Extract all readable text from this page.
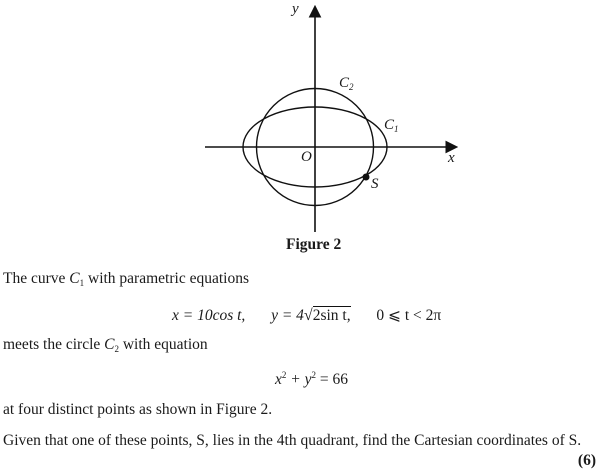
y
x
O
$C_2$
$C_1$
S
Figure 2
The curve $C_1$ with parametric equations
x = 10cos t, y = 4√2sin t, 0 ⩽ t < 2π
meets the circle $C_2$ with equation
$x^2 + y^2 = 66$
at four distinct points as shown in Figure 2.
Given that one of these points, S, lies in the 4th quadrant, find the Cartesian coordinates of S.
(6)
